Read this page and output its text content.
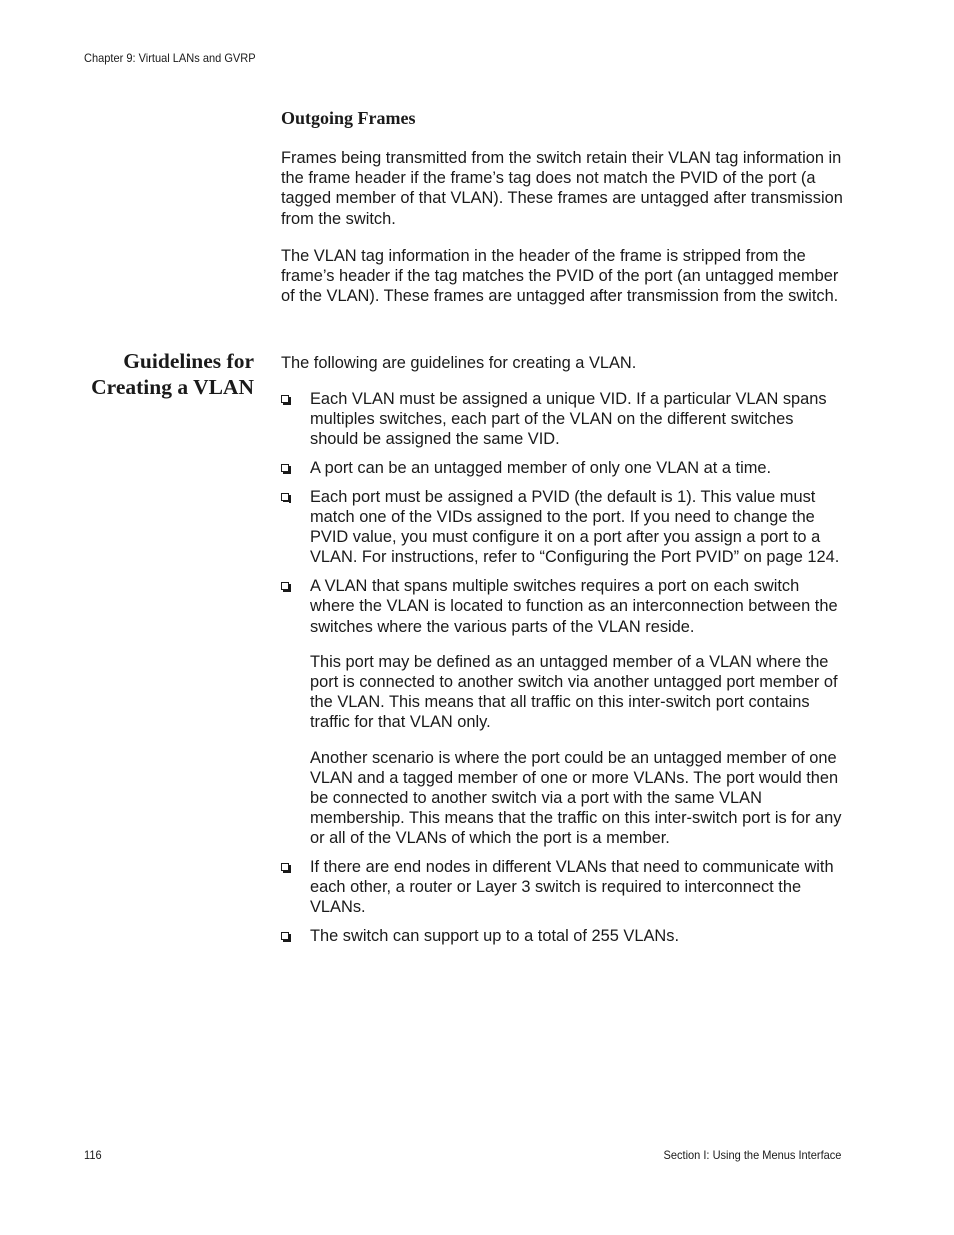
Chapter 9: Virtual LANs and GVRP
Outgoing Frames
Frames being transmitted from the switch retain their VLAN tag information in the frame header if the frame’s tag does not match the PVID of the port (a tagged member of that VLAN). These frames are untagged after transmission from the switch.
The VLAN tag information in the header of the frame is stripped from the frame’s header if the tag matches the PVID of the port (an untagged member of the VLAN). These frames are untagged after transmission from the switch.
Guidelines for
Creating a VLAN
The following are guidelines for creating a VLAN.
Each VLAN must be assigned a unique VID. If a particular VLAN spans multiples switches, each part of the VLAN on the different switches should be assigned the same VID.
A port can be an untagged member of only one VLAN at a time.
Each port must be assigned a PVID (the default is 1). This value must match one of the VIDs assigned to the port. If you need to change the PVID value, you must configure it on a port after you assign a port to a VLAN. For instructions, refer to “Configuring the Port PVID” on page 124.
A VLAN that spans multiple switches requires a port on each switch where the VLAN is located to function as an interconnection between the switches where the various parts of the VLAN reside.
This port may be defined as an untagged member of a VLAN where the port is connected to another switch via another untagged port member of the VLAN. This means that all traffic on this inter-switch port contains traffic for that VLAN only.
Another scenario is where the port could be an untagged member of one VLAN and a tagged member of one or more VLANs. The port would then be connected to another switch via a port with the same VLAN membership. This means that the traffic on this inter-switch port is for any or all of the VLANs of which the port is a member.
If there are end nodes in different VLANs that need to communicate with each other, a router or Layer 3 switch is required to interconnect the VLANs.
The switch can support up to a total of 255 VLANs.
116	Section I: Using the Menus Interface
